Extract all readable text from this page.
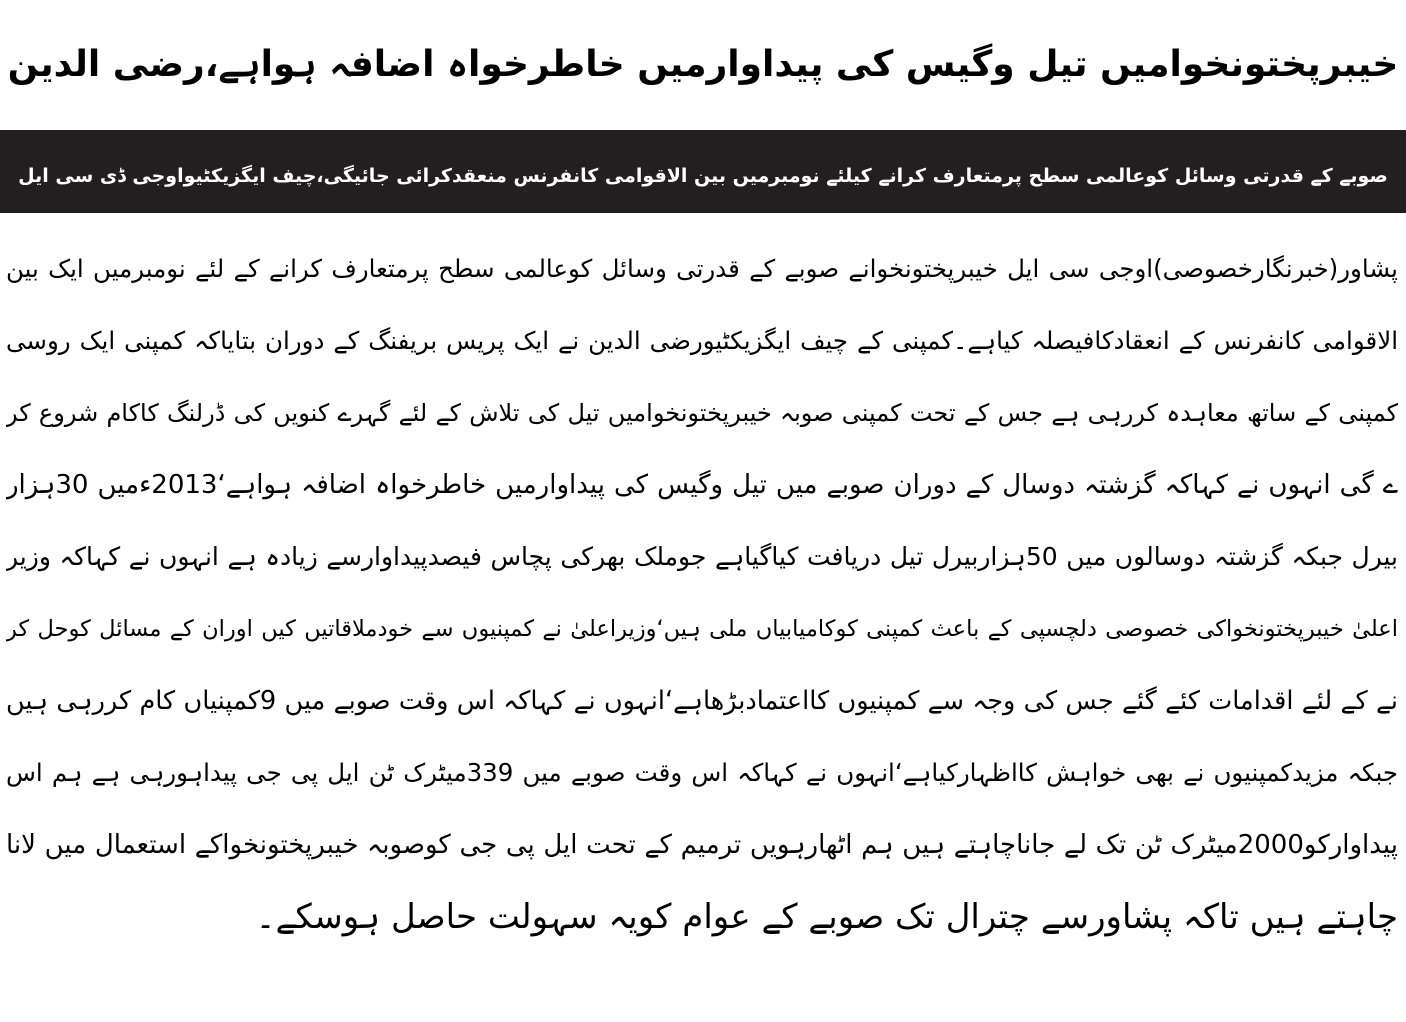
خیبرپختونخوامیں تیل وگیس کی پیداوارمیں خاطرخواہ اضافہ ہواہے،رضی الدین
صوبے کے قدرتی وسائل کوعالمی سطح پرمتعارف کرانے کیلئے نومبرمیں بین الاقوامی کانفرنس منعقدکرائی جائیگی،چیف ایگزیکٹیواوجی ڈی سی ایل
پشاور(خبرنگارخصوصی)اوجی سی ایل خیبرپختونخوانے صوبے کے قدرتی وسائل کوعالمی سطح پرمتعارف کرانے کے لئے نومبرمیں ایک بین
الاقوامی کانفرنس کے انعقادکافیصلہ کیاہے۔کمپنی کے چیف ایگزیکٹیورضی الدین نے ایک پریس بریفنگ کے دوران بتایاکہ کمپنی ایک روسی
کمپنی کے ساتھ معاہدہ کررہی ہے جس کے تحت کمپنی صوبہ خیبرپختونخوامیں تیل کی تلاش کے لئے گہرے کنویں کی ڈرلنگ کاکام شروع کر
ے گی انہوں نے کہاکہ گزشتہ دوسال کے دوران صوبے میں تیل وگیس کی پیداوارمیں خاطرخواہ اضافہ ہواہے‘2013ءمیں 30ہزار
بیرل جبکہ گزشتہ دوسالوں میں 50ہزاربیرل تیل دریافت کیاگیاہے جوملک بھرکی پچاس فیصدپیداوارسے زیادہ ہے انہوں نے کہاکہ وزیر
اعلیٰ خیبرپختونخواکی خصوصی دلچسپی کے باعث کمپنی کوکامیابیاں ملی ہیں‘وزیراعلیٰ نے کمپنیوں سے خودملاقاتیں کیں اوران کے مسائل کوحل کر
نے کے لئے اقدامات کئے گئے جس کی وجہ سے کمپنیوں کااعتمادبڑھاہے‘انہوں نے کہاکہ اس وقت صوبے میں 9کمپنیاں کام کررہی ہیں
جبکہ مزیدکمپنیوں نے بھی خواہش کااظہارکیاہے‘انہوں نے کہاکہ اس وقت صوبے میں 339میٹرک ٹن ایل پی جی پیداہورہی ہے ہم اس
پیداوارکو2000میٹرک ٹن تک لے جاناچاہتے ہیں ہم اٹھارہویں ترمیم کے تحت ایل پی جی کوصوبہ خیبرپختونخواکے استعمال میں لانا
چاہتے ہیں تاکہ پشاورسے چترال تک صوبے کے عوام کویہ سہولت حاصل ہوسکے۔
